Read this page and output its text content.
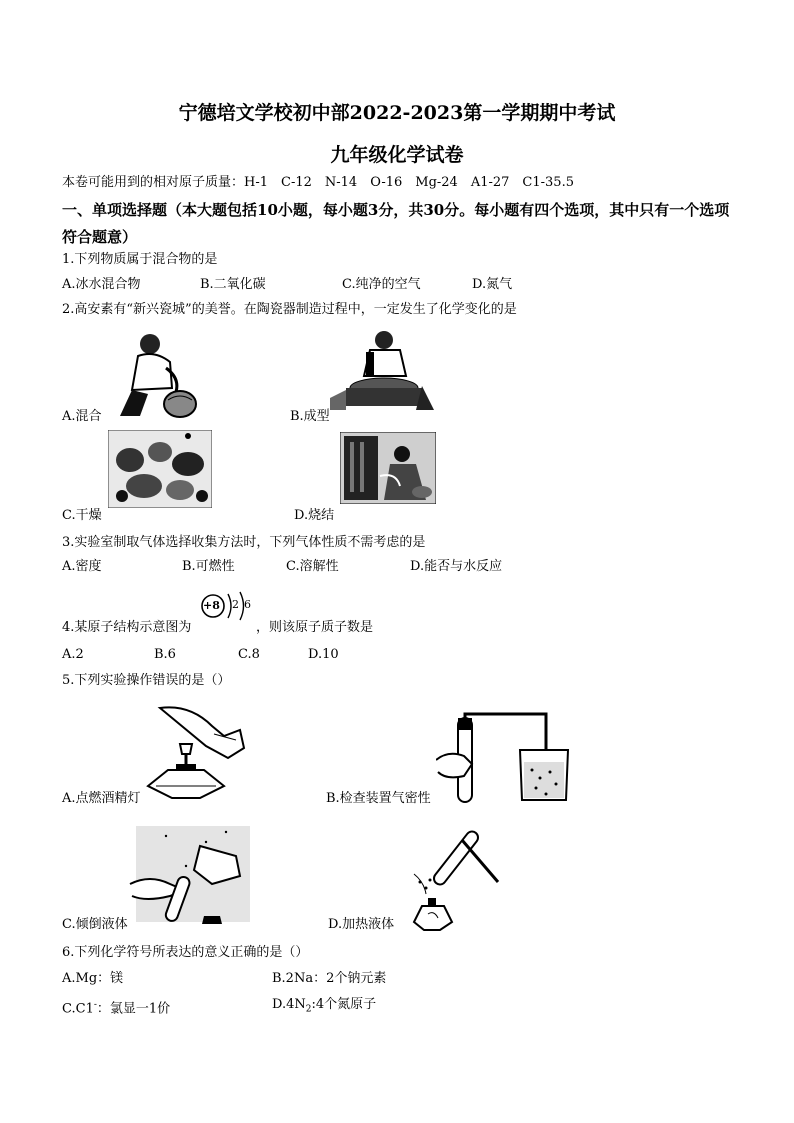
宁德培文学校初中部2022-2023第一学期期中考试
九年级化学试卷
本卷可能用到的相对原子质量：H-1　C-12　N-14　O-16　Mg-24　A1-27　C1-35.5
一、单项选择题（本大题包括10小题，每小题3分，共30分。每小题有四个选项，其中只有一个选项符合题意）
1.下列物质属于混合物的是
A.冰水混合物	B.二氧化碳	C.纯净的空气	D.氮气
2.高安素有“新兴瓷城”的美誉。在陶瓷器制造过程中，一定发生了化学变化的是
A.混合	B.成型
C.干燥	D.烧结
3.实验室制取气体选择收集方法时，下列气体性质不需考虑的是
A.密度	B.可燃性	C.溶解性	D.能否与水反应
4.某原子结构示意图为
+8 2 6
，则该原子质子数是
A.2	B.6	C.8	D.10
5.下列实验操作错误的是（）
A.点燃酒精灯	B.检查装置气密性
C.倾倒液体	D.加热液体
6.下列化学符号所表达的意义正确的是（）
A.Mg：镁	B.2Na：2个钠元素
C.C1-：氯显一1价	$D.4N_2:4$个氮原子
